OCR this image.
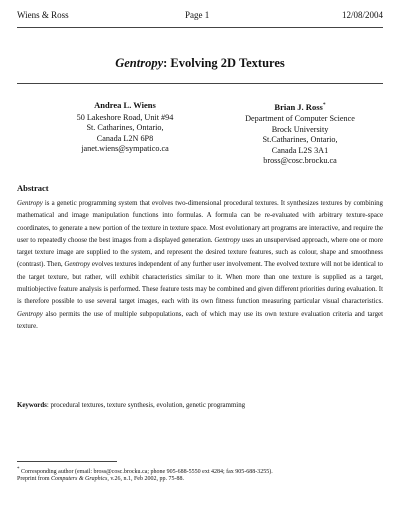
Wiens & Ross	Page 1	12/08/2004
Gentropy: Evolving 2D Textures
Andrea L. Wiens
50 Lakeshore Road, Unit #94
St. Catharines, Ontario,
Canada L2N 6P8
janet.wiens@sympatico.ca
Brian J. Ross*
Department of Computer Science
Brock University
St.Catharines, Ontario,
Canada L2S 3A1
bross@cosc.brocku.ca
Abstract

Gentropy is a genetic programming system that evolves two-dimensional procedural textures. It synthesizes textures by combining mathematical and image manipulation functions into formulas. A formula can be re-evaluated with arbitrary texture-space coordinates, to generate a new portion of the texture in texture space. Most evolutionary art programs are interactive, and require the user to repeatedly choose the best images from a displayed generation. Gentropy uses an unsupervised approach, where one or more target texture image are supplied to the system, and represent the desired texture features, such as colour, shape and smoothness (contrast). Then, Gentropy evolves textures independent of any further user involvement. The evolved texture will not be identical to the target texture, but rather, will exhibit characteristics similar to it. When more than one texture is supplied as a target, multiobjective feature analysis is performed. These feature tests may be combined and given different priorities during evaluation. It is therefore possible to use several target images, each with its own fitness function measuring particular visual characteristics. Gentropy also permits the use of multiple subpopulations, each of which may use its own texture evaluation criteria and target texture.

Keywords: procedural textures, texture synthesis, evolution, genetic programming
* Corresponding author (email: bross@cosc.brocku.ca; phone 905-688-5550 ext 4284; fax 905-688-3255).
Preprint from Computers & Graphics, v.26, n.1, Feb 2002, pp. 75-88.
